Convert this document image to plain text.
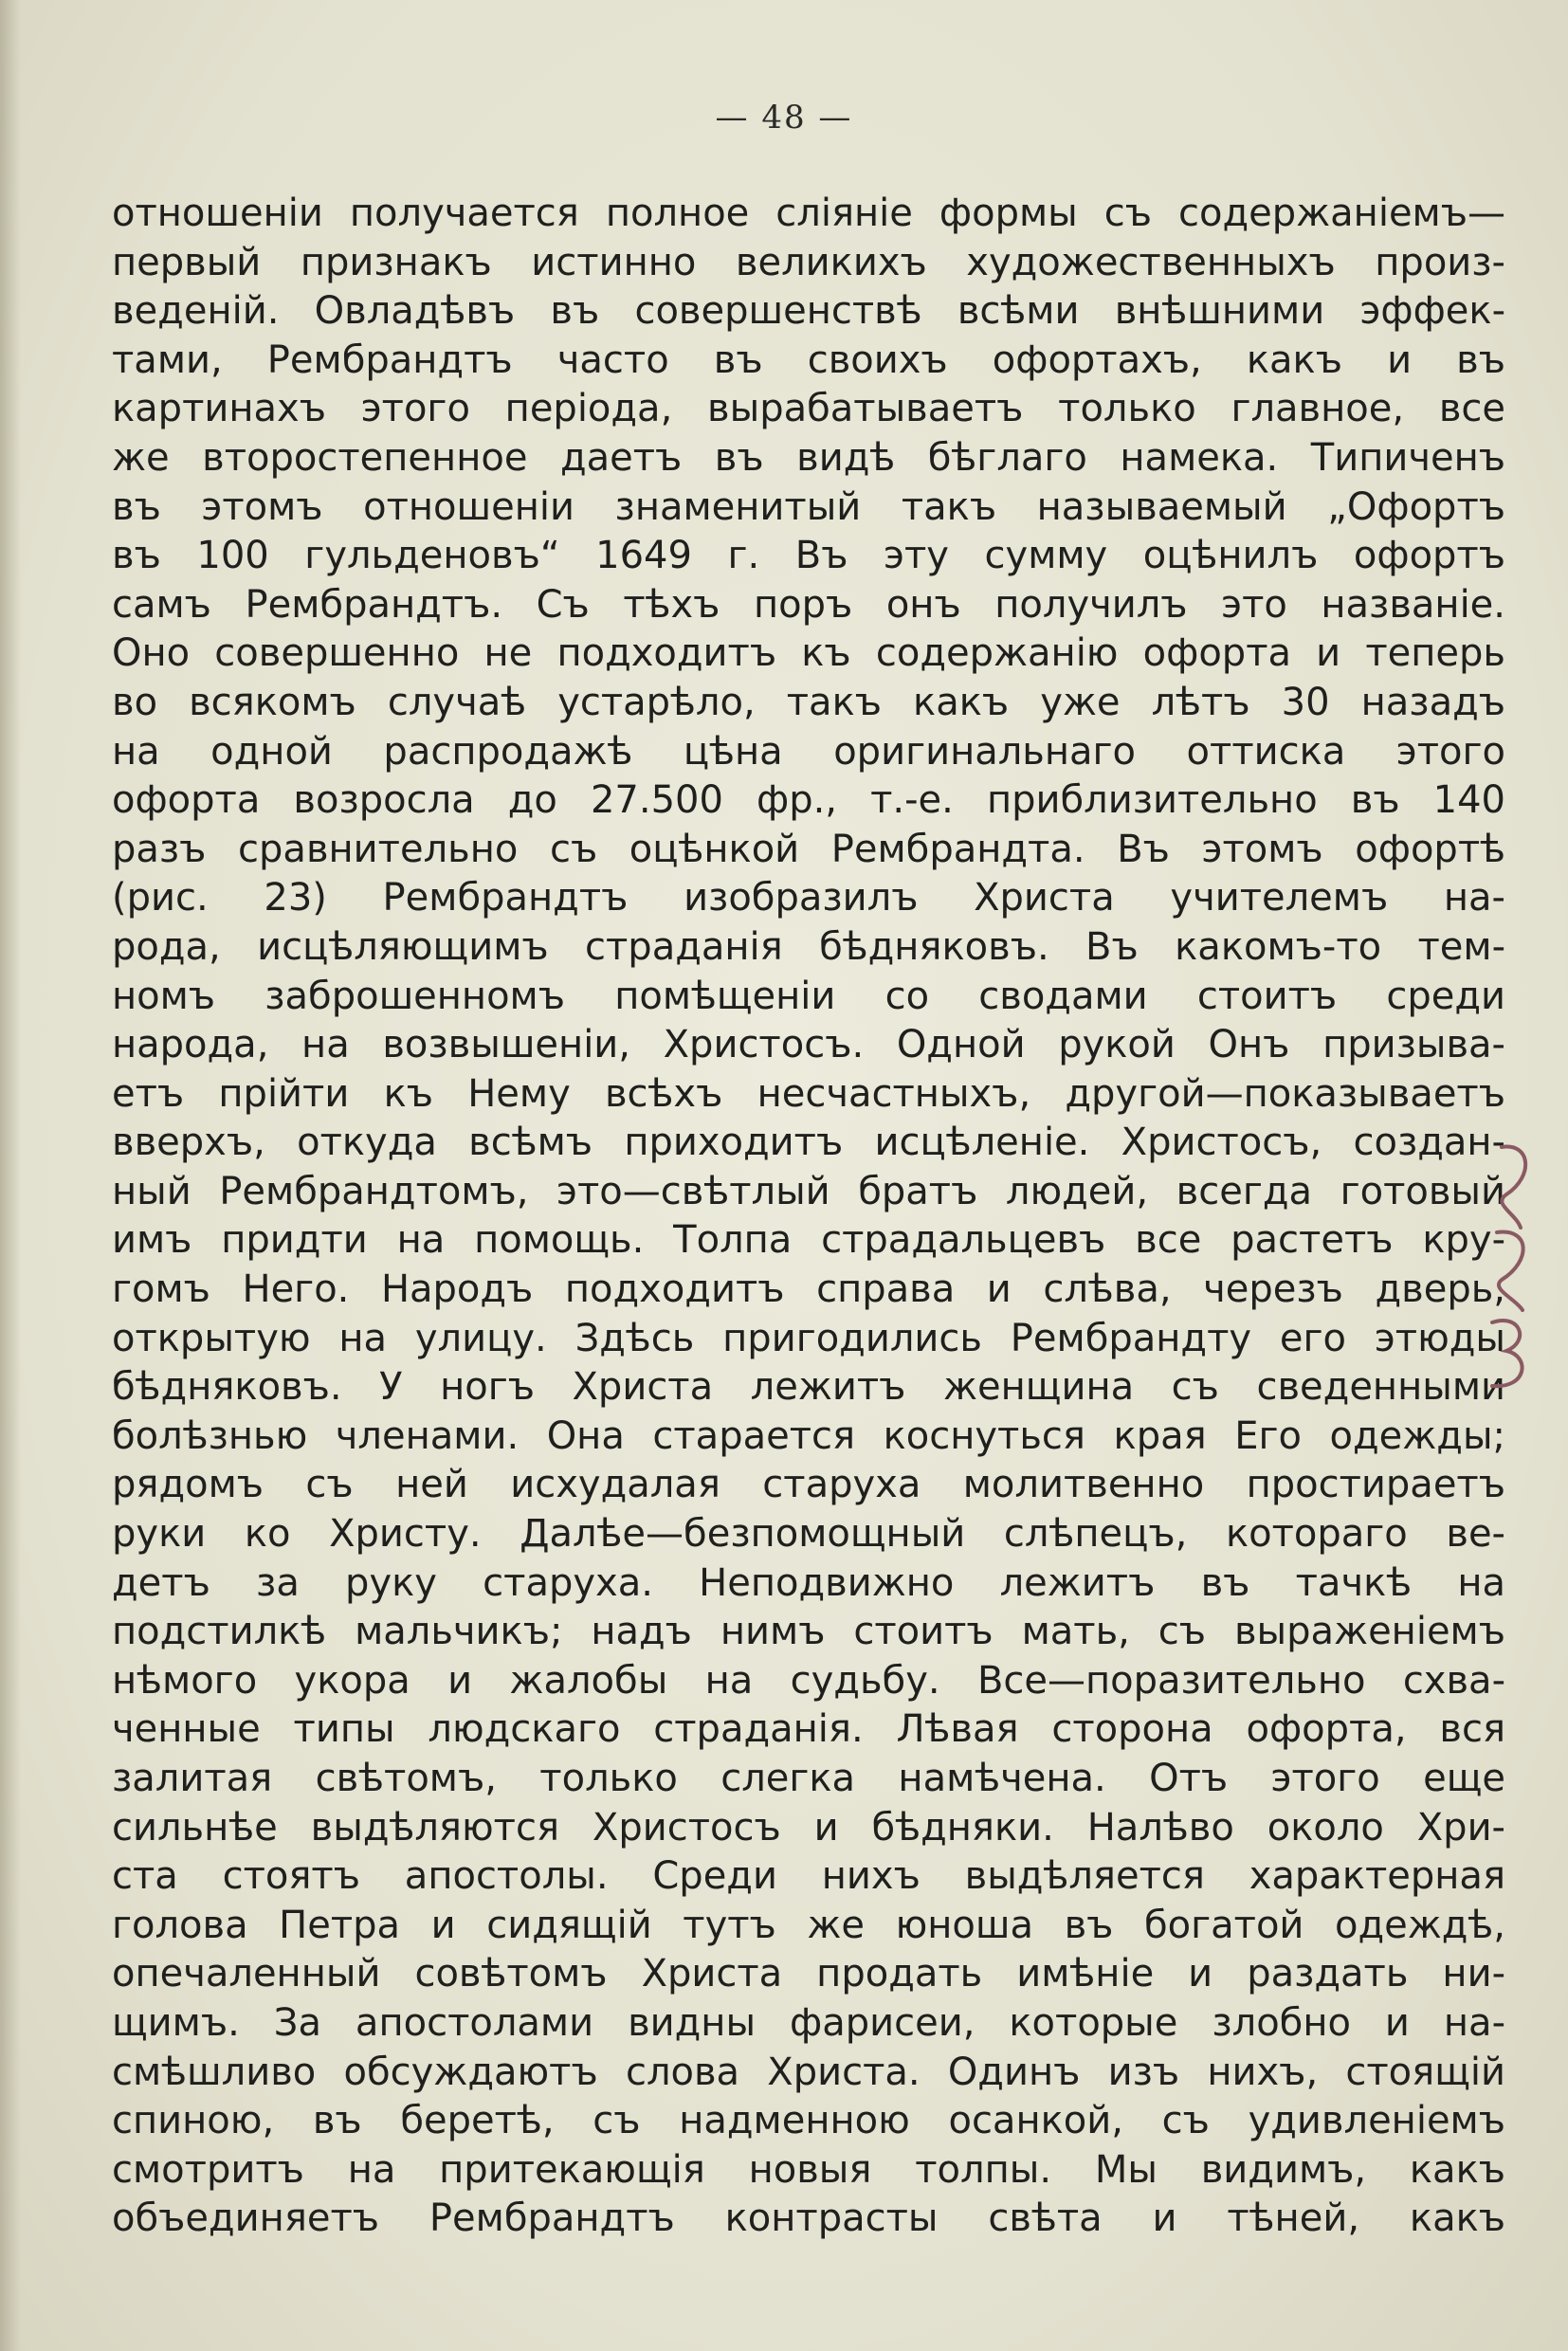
— 48 —
отношенiи получается полное слiянiе формы съ содержанiемъ—
первый признакъ истинно великихъ художественныхъ произ-
веденiй. Овладѣвъ въ совершенствѣ всѣми внѣшними эффек-
тами, Рембрандтъ часто въ своихъ офортахъ, какъ и въ
картинахъ этого перiода, вырабатываетъ только главное, все
же второстепенное даетъ въ видѣ бѣглаго намека. Типиченъ
въ этомъ отношенiи знаменитый такъ называемый „Офортъ
въ 100 гульденовъ“ 1649 г. Въ эту сумму оцѣнилъ офортъ
самъ Рембрандтъ. Съ тѣхъ поръ онъ получилъ это названiе.
Оно совершенно не подходитъ къ содержанiю офорта и теперь
во всякомъ случаѣ устарѣло, такъ какъ уже лѣтъ 30 назадъ
на одной распродажѣ цѣна оригинальнаго оттиска этого
офорта возросла до 27.500 фр., т.-е. приблизительно въ 140
разъ сравнительно съ оцѣнкой Рембрандта. Въ этомъ офортѣ
(рис. 23) Рембрандтъ изобразилъ Христа учителемъ на-
рода, исцѣляющимъ страданiя бѣдняковъ. Въ какомъ-то тем-
номъ заброшенномъ помѣщенiи со сводами стоитъ среди
народа, на возвышенiи, Христосъ. Одной рукой Онъ призыва-
етъ прiйти къ Нему всѣхъ несчастныхъ, другой—показываетъ
вверхъ, откуда всѣмъ приходитъ исцѣленiе. Христосъ, создан-
ный Рембрандтомъ, это—свѣтлый братъ людей, всегда готовый
имъ придти на помощь. Толпа страдальцевъ все растетъ кру-
гомъ Него. Народъ подходитъ справа и слѣва, черезъ дверь,
открытую на улицу. Здѣсь пригодились Рембрандту его этюды
бѣдняковъ. У ногъ Христа лежитъ женщина съ сведенными
болѣзнью членами. Она старается коснуться края Его одежды;
рядомъ съ ней исхудалая старуха молитвенно простираетъ
руки ко Христу. Далѣе—безпомощный слѣпецъ, котораго ве-
детъ за руку старуха. Неподвижно лежитъ въ тачкѣ на
подстилкѣ мальчикъ; надъ нимъ стоитъ мать, съ выраженiемъ
нѣмого укора и жалобы на судьбу. Все—поразительно схва-
ченные типы людскаго страданiя. Лѣвая сторона офорта, вся
залитая свѣтомъ, только слегка намѣчена. Отъ этого еще
сильнѣе выдѣляются Христосъ и бѣдняки. Налѣво около Хри-
ста стоятъ апостолы. Среди нихъ выдѣляется характерная
голова Петра и сидящiй тутъ же юноша въ богатой одеждѣ,
опечаленный совѣтомъ Христа продать имѣнiе и раздать ни-
щимъ. За апостолами видны фарисеи, которые злобно и на-
смѣшливо обсуждаютъ слова Христа. Одинъ изъ нихъ, стоящiй
спиною, въ беретѣ, съ надменною осанкой, съ удивленiемъ
смотритъ на притекающiя новыя толпы. Мы видимъ, какъ
объединяетъ Рембрандтъ контрасты свѣта и тѣней, какъ
